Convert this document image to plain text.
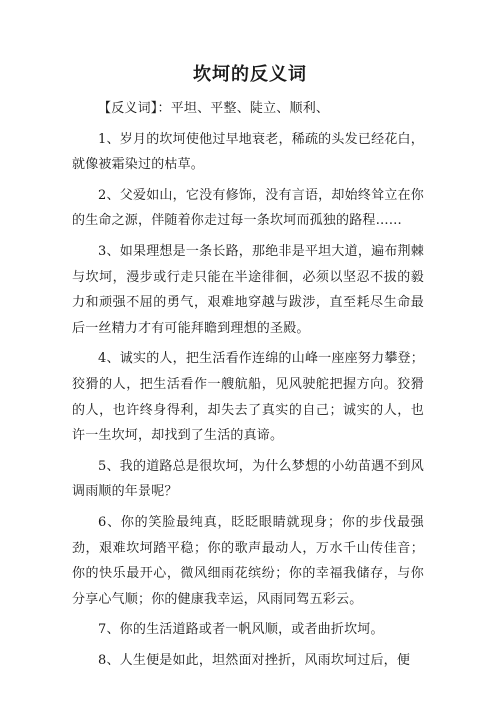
坎坷的反义词

【反义词】：平坦、平整、陡立、顺利、

1、岁月的坎坷使他过早地衰老，稀疏的头发已经花白，就像被霜染过的枯草。

2、父爱如山，它没有修饰，没有言语，却始终耸立在你的生命之源，伴随着你走过每一条坎坷而孤独的路程……

3、如果理想是一条长路，那绝非是平坦大道，遍布荆棘与坎坷，漫步或行走只能在半途徘徊，必须以坚忍不拔的毅力和顽强不屈的勇气，艰难地穿越与跋涉，直至耗尽生命最后一丝精力才有可能拜瞻到理想的圣殿。

4、诚实的人，把生活看作连绵的山峰一座座努力攀登；狡猾的人，把生活看作一艘航船，见风驶舵把握方向。狡猾的人，也许终身得利，却失去了真实的自己；诚实的人，也许一生坎坷，却找到了生活的真谛。

5、我的道路总是很坎坷，为什么梦想的小幼苗遇不到风调雨顺的年景呢？

6、你的笑脸最纯真，眨眨眼睛就现身；你的步伐最强劲，艰难坎坷踏平稳；你的歌声最动人，万水千山传佳音；你的快乐最开心，微风细雨花缤纷；你的幸福我储存，与你分享心气顺；你的健康我幸运，风雨同驾五彩云。

7、你的生活道路或者一帆风顺，或者曲折坎坷。

8、人生便是如此，坦然面对挫折，风雨坎坷过后，便
